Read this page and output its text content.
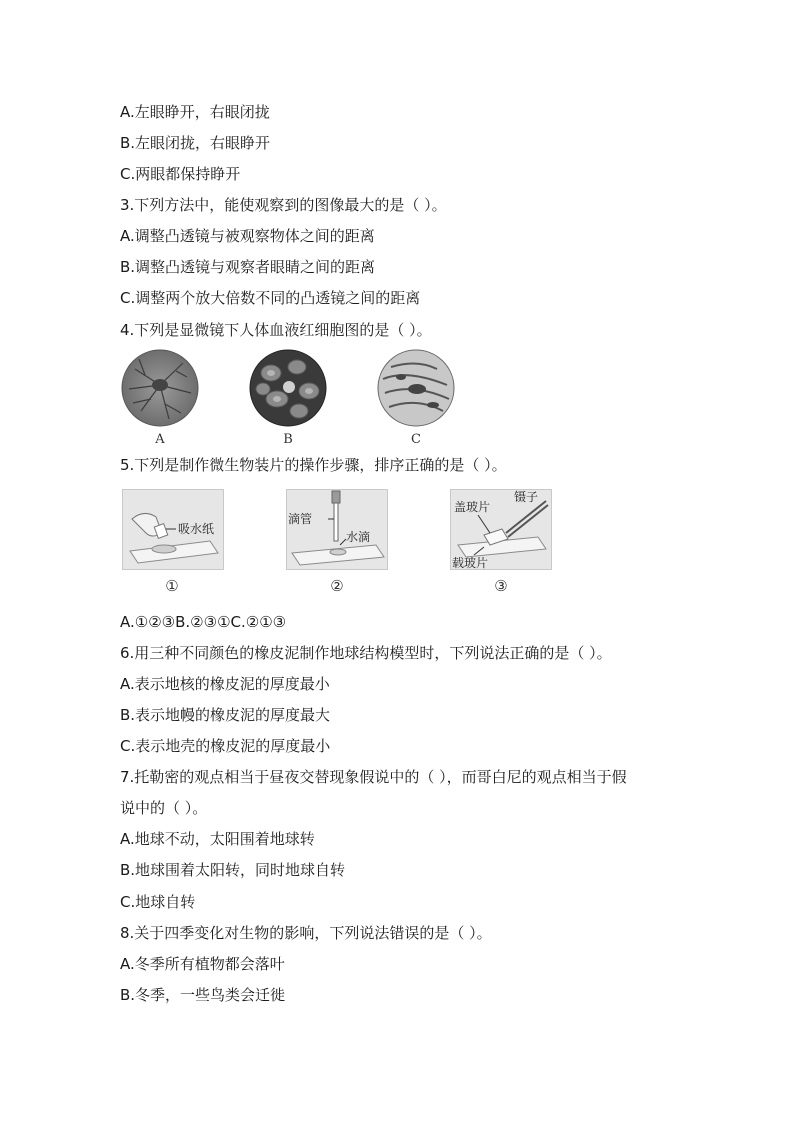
A.左眼睁开，右眼闭拢
B.左眼闭拢，右眼睁开
C.两眼都保持睁开
3.下列方法中，能使观察到的图像最大的是（ ）。
A.调整凸透镜与被观察物体之间的距离
B.调整凸透镜与观察者眼睛之间的距离
C.调整两个放大倍数不同的凸透镜之间的距离
4.下列是显微镜下人体血液红细胞图的是（ ）。
A	B	C
5.下列是制作微生物装片的操作步骤，排序正确的是（ ）。
吸水纸
滴管
水滴
盖玻片
镊子
载玻片
①	②	③
A.①②③B.②③①C.②①③
6.用三种不同颜色的橡皮泥制作地球结构模型时，下列说法正确的是（ ）。
A.表示地核的橡皮泥的厚度最小
B.表示地幔的橡皮泥的厚度最大
C.表示地壳的橡皮泥的厚度最小
7.托勒密的观点相当于昼夜交替现象假说中的（ ），而哥白尼的观点相当于假
说中的（ ）。
A.地球不动，太阳围着地球转
B.地球围着太阳转，同时地球自转
C.地球自转
8.关于四季变化对生物的影响，下列说法错误的是（ ）。
A.冬季所有植物都会落叶
B.冬季，一些鸟类会迁徙
